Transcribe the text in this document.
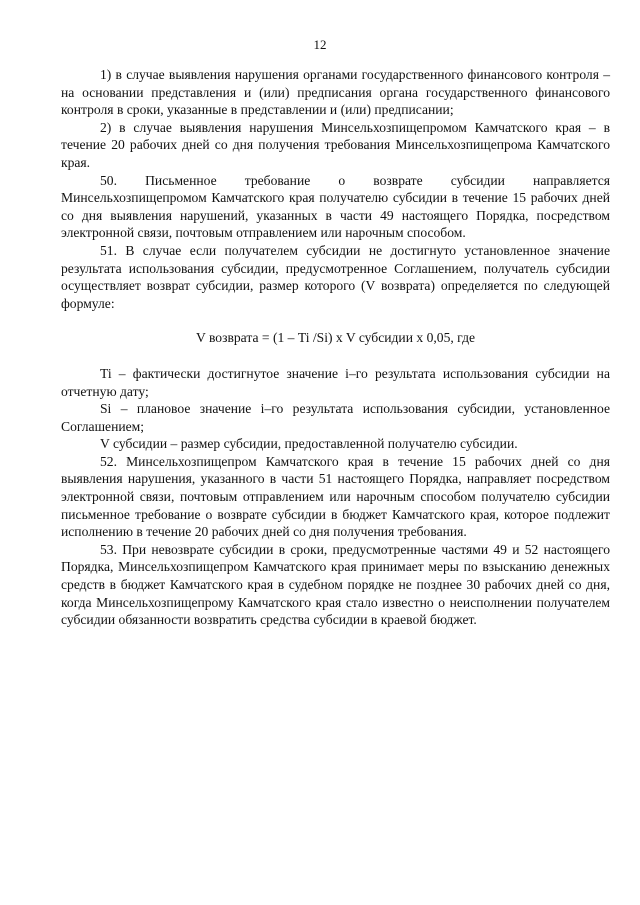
12

1) в случае выявления нарушения органами государственного финансового контроля – на основании представления и (или) предписания органа государственного финансового контроля в сроки, указанные в представлении и (или) предписании;

2) в случае выявления нарушения Минсельхозпищепромом Камчатского края – в течение 20 рабочих дней со дня получения требования Минсельхозпищепрома Камчатского края.

50. Письменное требование о возврате субсидии направляется Минсельхозпищепромом Камчатского края получателю субсидии в течение 15 рабочих дней со дня выявления нарушений, указанных в части 49 настоящего Порядка, посредством электронной связи, почтовым отправлением или нарочным способом.

51. В случае если получателем субсидии не достигнуто установленное значение результата использования субсидии, предусмотренное Соглашением, получатель субсидии осуществляет возврат субсидии, размер которого (V возврата) определяется по следующей формуле:

V возврата = (1 – Ti /Si) x V субсидии x 0,05, где

Ti – фактически достигнутое значение i–го результата использования субсидии на отчетную дату;

Si – плановое значение i–го результата использования субсидии, установленное Соглашением;

V субсидии – размер субсидии, предоставленной получателю субсидии.

52. Минсельхозпищепром Камчатского края в течение 15 рабочих дней со дня выявления нарушения, указанного в части 51 настоящего Порядка, направляет посредством электронной связи, почтовым отправлением или нарочным способом получателю субсидии письменное требование о возврате субсидии в бюджет Камчатского края, которое подлежит исполнению в течение 20 рабочих дней со дня получения требования.

53. При невозврате субсидии в сроки, предусмотренные частями 49 и 52 настоящего Порядка, Минсельхозпищепром Камчатского края принимает меры по взысканию денежных средств в бюджет Камчатского края в судебном порядке не позднее 30 рабочих дней со дня, когда Минсельхозпищепрому Камчатского края стало известно о неисполнении получателем субсидии обязанности возвратить средства субсидии в краевой бюджет.
